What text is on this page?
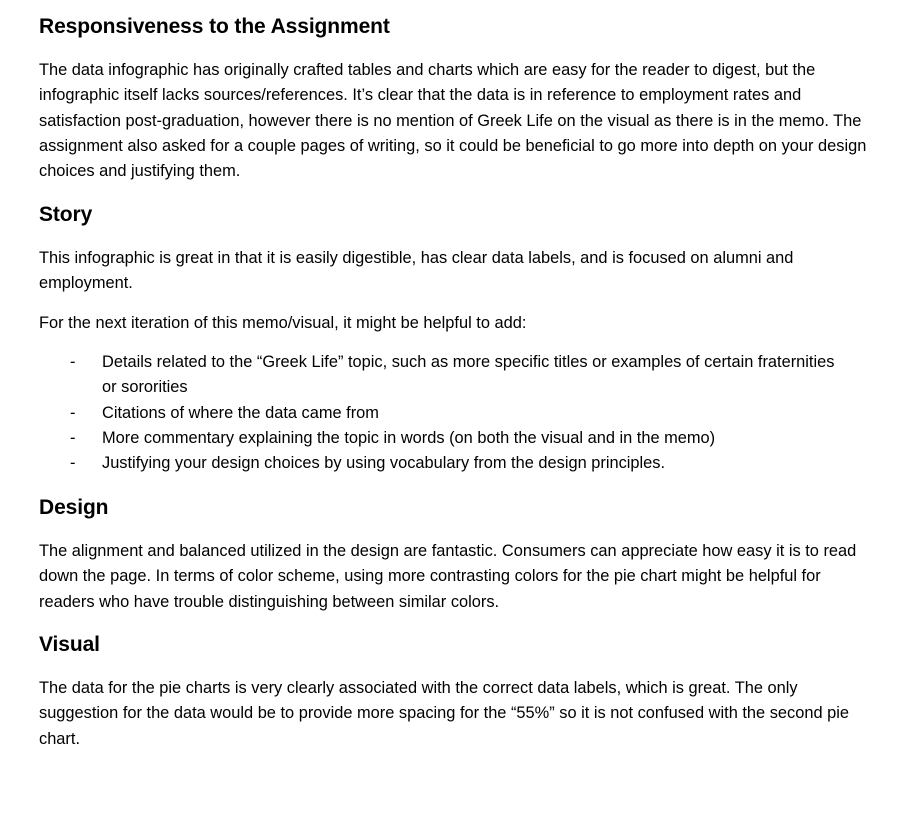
Responsiveness to the Assignment

The data infographic has originally crafted tables and charts which are easy for the reader to digest, but the infographic itself lacks sources/references. It’s clear that the data is in reference to employment rates and satisfaction post-graduation, however there is no mention of Greek Life on the visual as there is in the memo. The assignment also asked for a couple pages of writing, so it could be beneficial to go more into depth on your design choices and justifying them.

Story

This infographic is great in that it is easily digestible, has clear data labels, and is focused on alumni and employment.

For the next iteration of this memo/visual, it might be helpful to add:

- Details related to the “Greek Life” topic, such as more specific titles or examples of certain fraternities or sororities
- Citations of where the data came from
- More commentary explaining the topic in words (on both the visual and in the memo)
- Justifying your design choices by using vocabulary from the design principles.
Design

The alignment and balanced utilized in the design are fantastic. Consumers can appreciate how easy it is to read down the page. In terms of color scheme, using more contrasting colors for the pie chart might be helpful for readers who have trouble distinguishing between similar colors.

Visual

The data for the pie charts is very clearly associated with the correct data labels, which is great. The only suggestion for the data would be to provide more spacing for the “55%” so it is not confused with the second pie chart.
